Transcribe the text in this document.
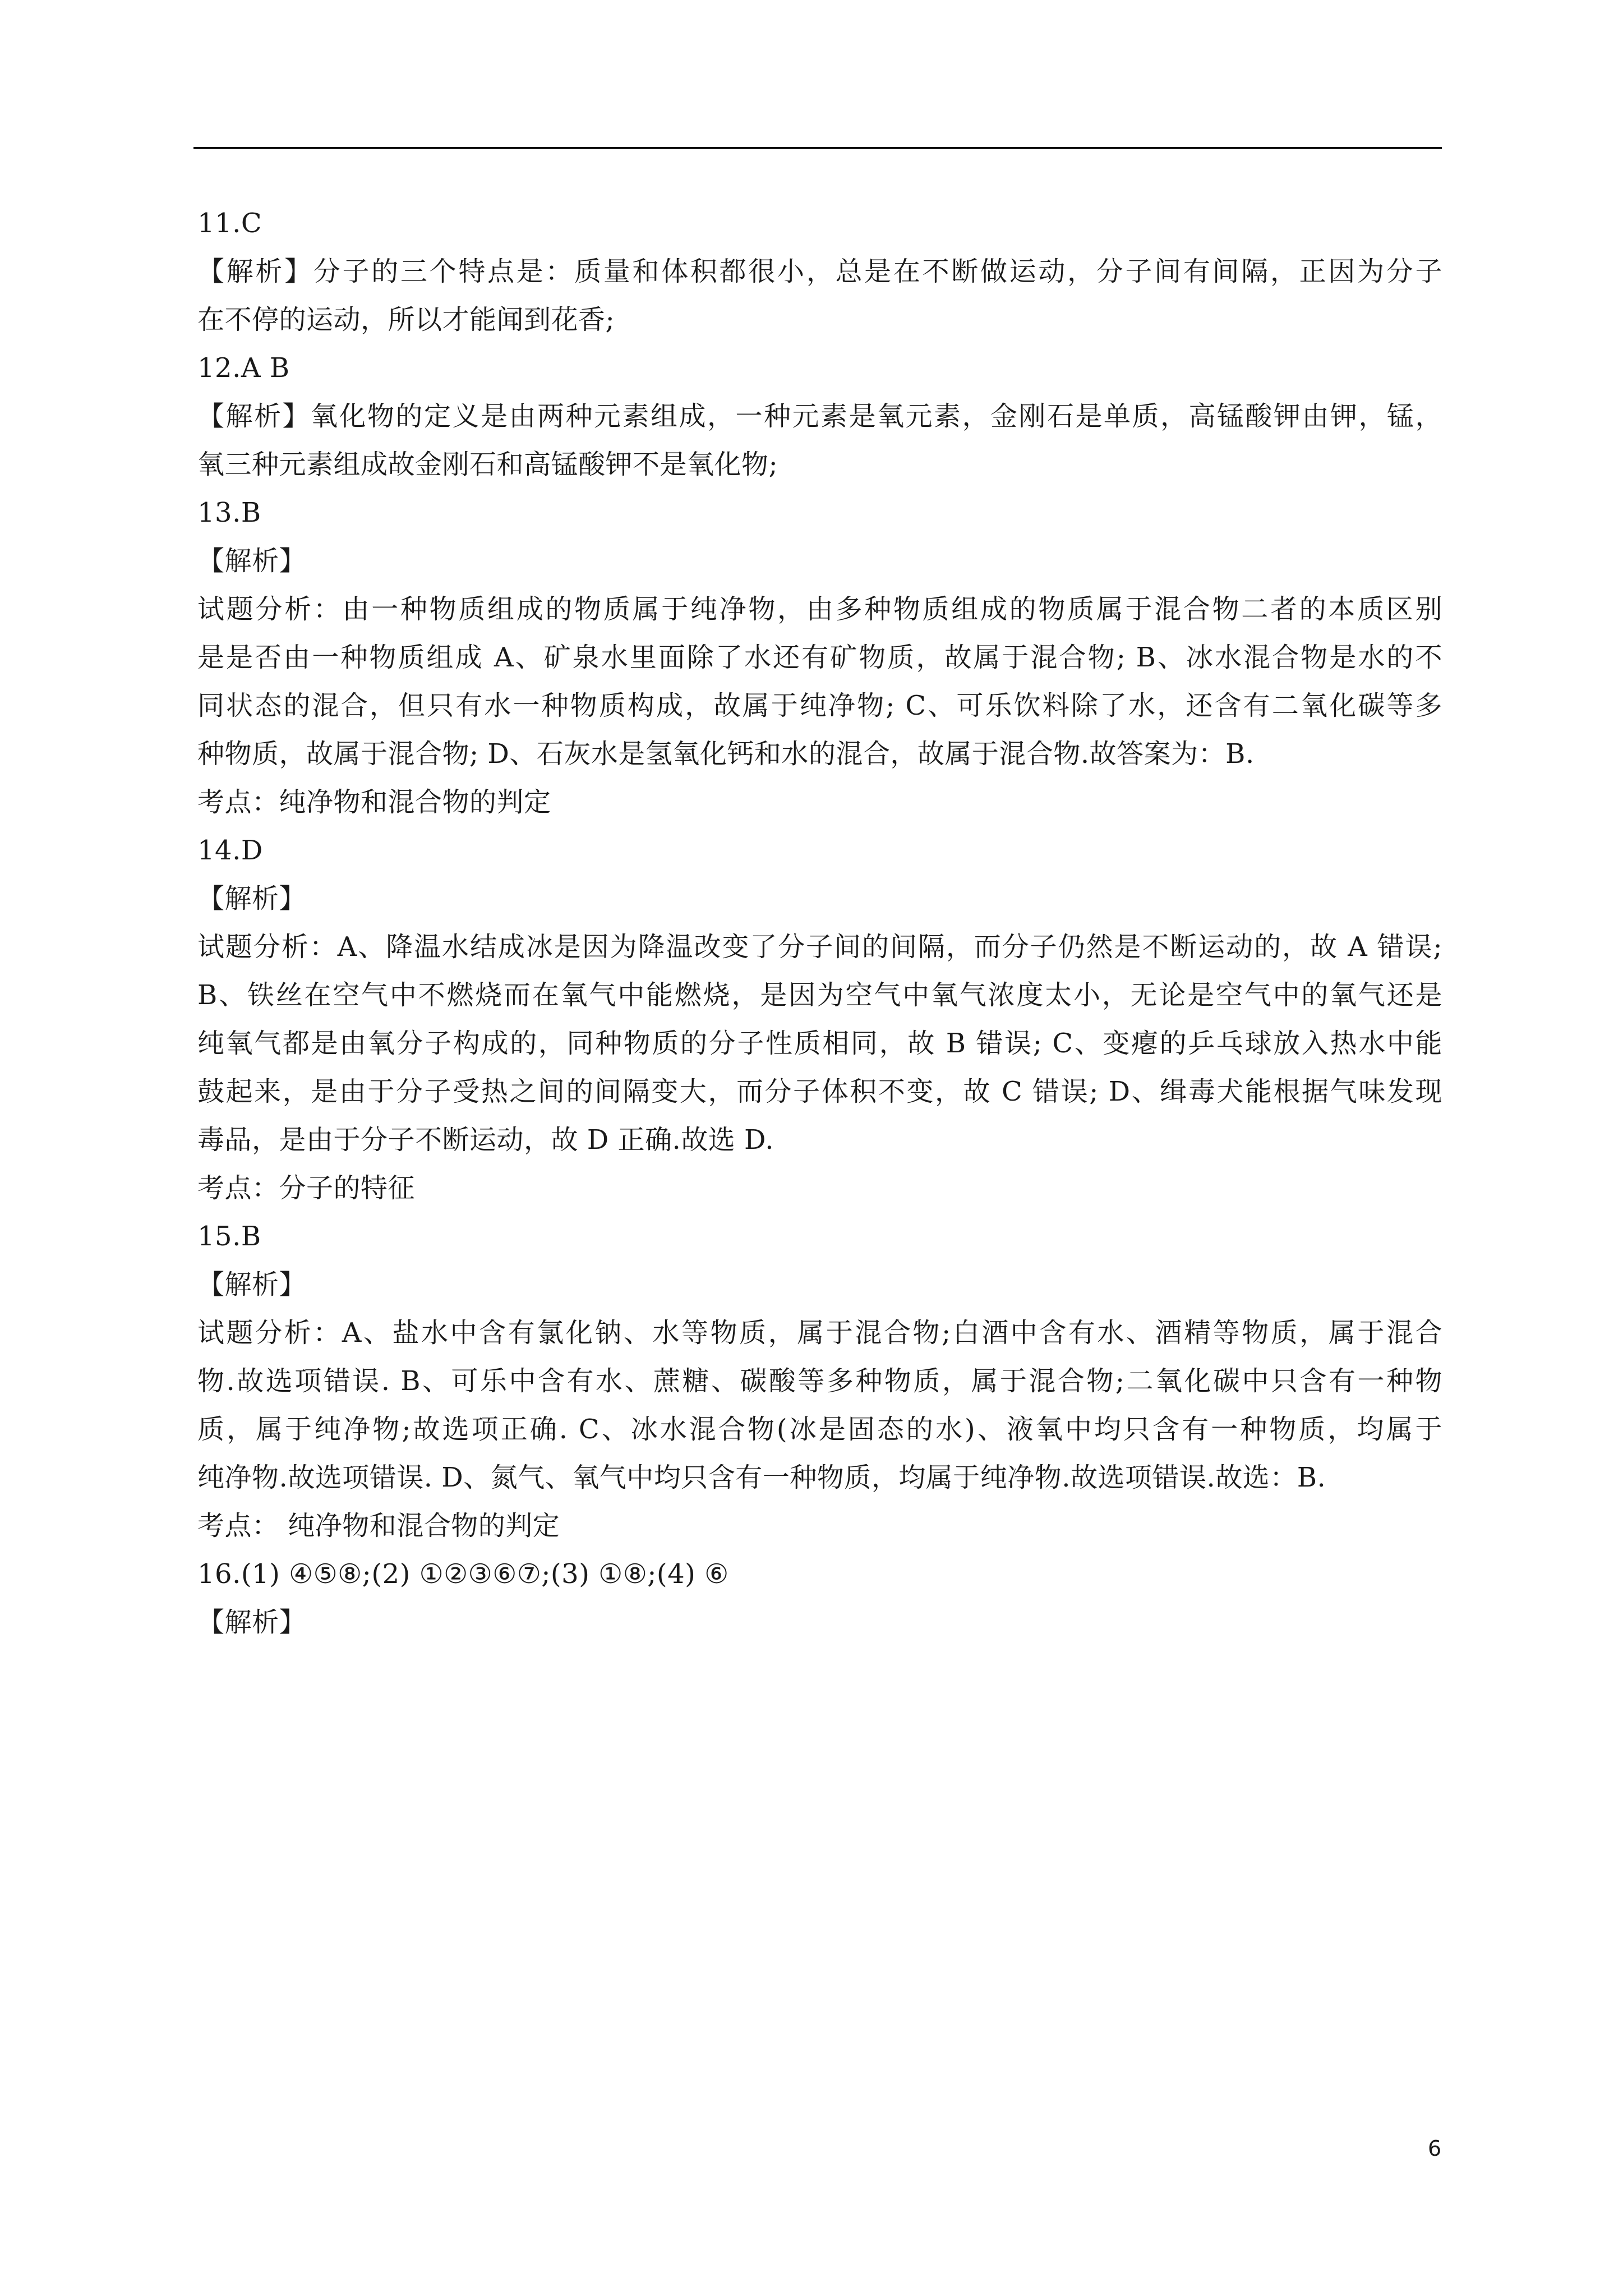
11.C
【解析】分子的三个特点是：质量和体积都很小，总是在不断做运动，分子间有间隔，正因为分子
在不停的运动，所以才能闻到花香;
12.A B
【解析】氧化物的定义是由两种元素组成，一种元素是氧元素，金刚石是单质，高锰酸钾由钾，锰，
氧三种元素组成故金刚石和高锰酸钾不是氧化物;
13.B
【解析】
试题分析：由一种物质组成的物质属于纯净物，由多种物质组成的物质属于混合物二者的本质区别
是是否由一种物质组成 A、矿泉水里面除了水还有矿物质，故属于混合物; B、冰水混合物是水的不
同状态的混合，但只有水一种物质构成，故属于纯净物; C、可乐饮料除了水，还含有二氧化碳等多
种物质，故属于混合物; D、石灰水是氢氧化钙和水的混合，故属于混合物.故答案为：B.
考点：纯净物和混合物的判定
14.D
【解析】
试题分析：A、降温水结成冰是因为降温改变了分子间的间隔，而分子仍然是不断运动的，故 A 错误;
B、铁丝在空气中不燃烧而在氧气中能燃烧，是因为空气中氧气浓度太小，无论是空气中的氧气还是
纯氧气都是由氧分子构成的，同种物质的分子性质相同，故 B 错误; C、变瘪的乒乓球放入热水中能
鼓起来，是由于分子受热之间的间隔变大，而分子体积不变，故 C 错误; D、缉毒犬能根据气味发现
毒品，是由于分子不断运动，故 D 正确.故选 D.
考点：分子的特征
15.B
【解析】
试题分析：A、盐水中含有氯化钠、水等物质，属于混合物;白酒中含有水、酒精等物质，属于混合
物.故选项错误. B、可乐中含有水、蔗糖、碳酸等多种物质，属于混合物;二氧化碳中只含有一种物
质，属于纯净物;故选项正确. C、冰水混合物(冰是固态的水)、液氧中均只含有一种物质，均属于
纯净物.故选项错误. D、氮气、氧气中均只含有一种物质，均属于纯净物.故选项错误.故选：B.
考点： 纯净物和混合物的判定
16.(1) ④⑤⑧;(2) ①②③⑥⑦;(3) ①⑧;(4) ⑥
【解析】
6
